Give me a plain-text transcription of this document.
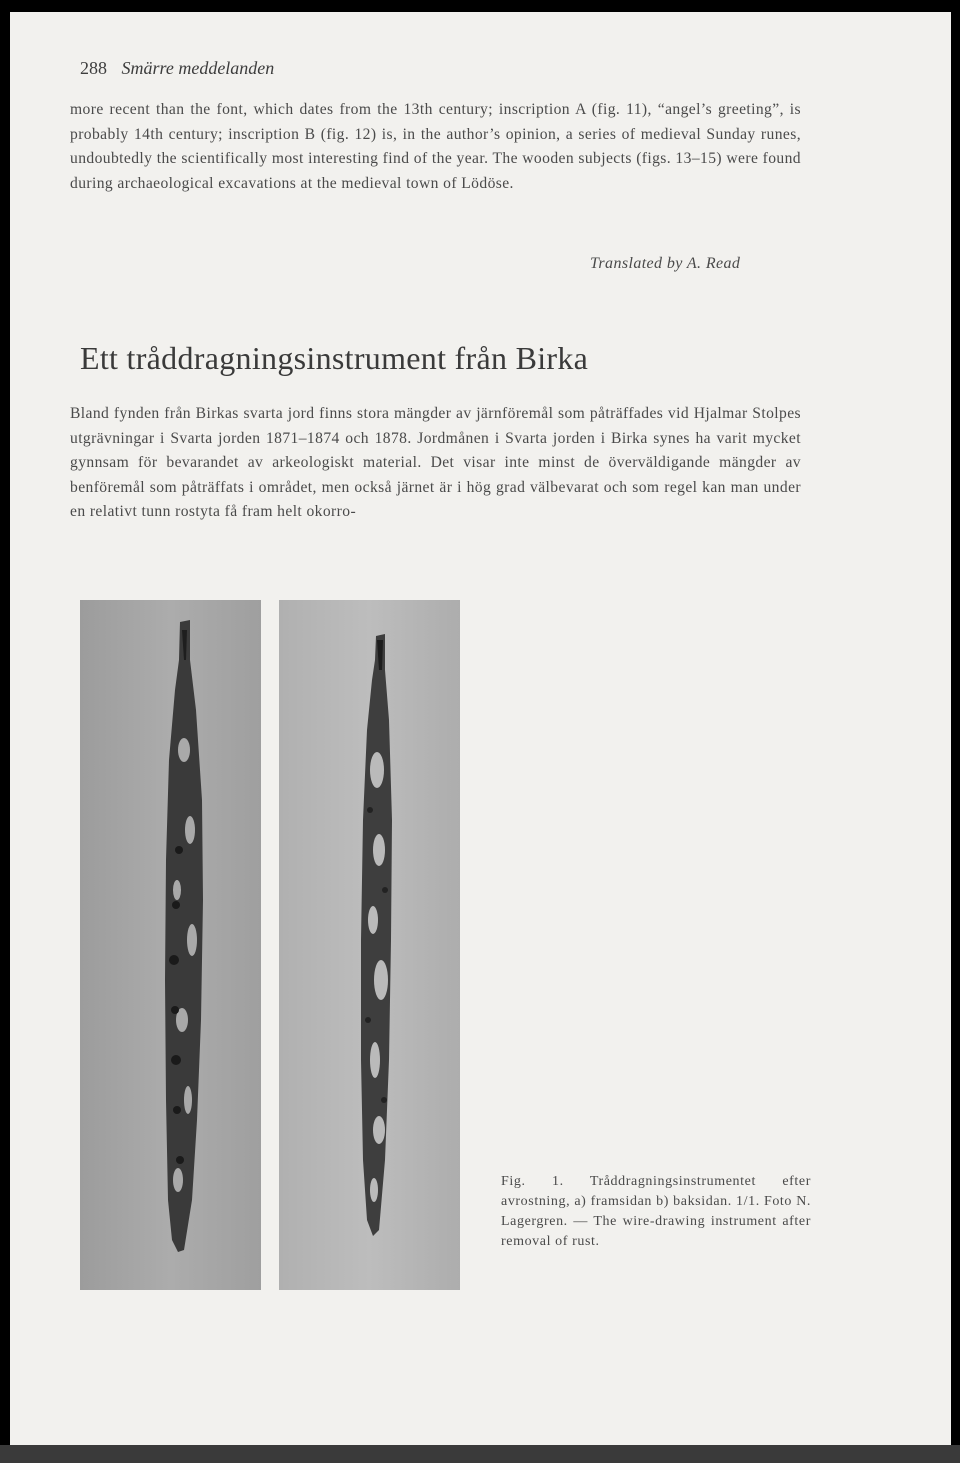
288 Smärre meddelanden
more recent than the font, which dates from the 13th century; inscription A (fig. 11), “angel’s greeting”, is probably 14th century; inscription B (fig. 12) is, in the author’s opinion, a series of medieval Sunday runes, undoubtedly the scientifically most interesting find of the year. The wooden subjects (figs. 13–15) were found during archaeological excavations at the medieval town of Lödöse.
Translated by A. Read
Ett tråddragningsinstrument från Birka
Bland fynden från Birkas svarta jord finns stora mängder av järnföremål som påträffades vid Hjalmar Stolpes utgrävningar i Svarta jorden 1871–1874 och 1878. Jordmånen i Svarta jorden i Birka synes ha varit mycket gynnsam för bevarandet av arkeologiskt material. Det visar inte minst de överväldigande mängder av benföremål som påträffats i området, men också järnet är i hög grad välbevarat och som regel kan man under en relativt tunn rostyta få fram helt okorro-
Fig. 1. Tråddragningsinstrumentet efter avrostning, a) framsidan b) baksidan. 1/1. Foto N. Lagergren. — The wire-drawing instrument after removal of rust.
